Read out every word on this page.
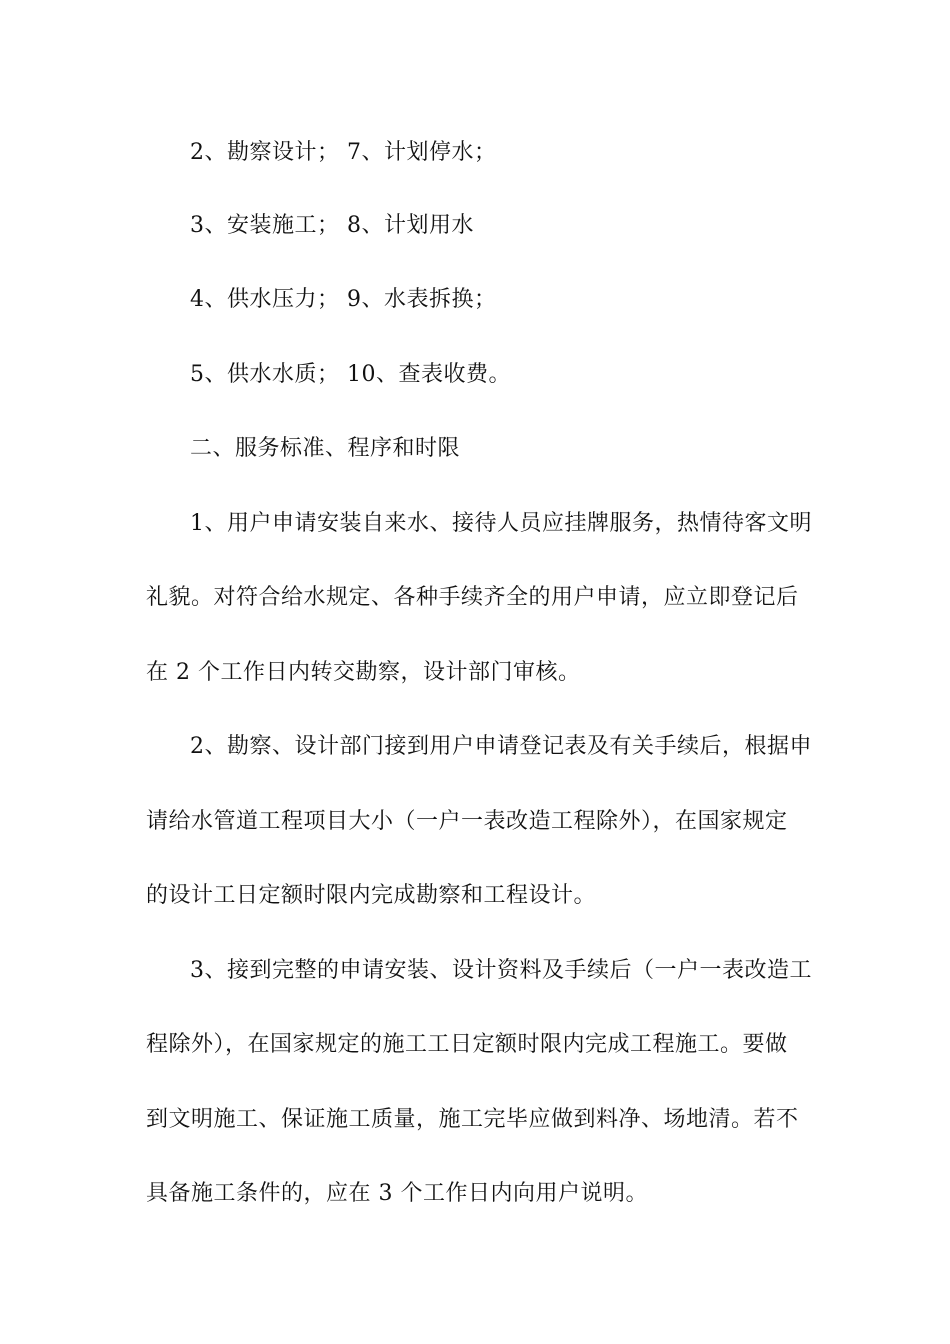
2、勘察设计； 7、计划停水；
3、安装施工； 8、计划用水
4、供水压力； 9、水表拆换；
5、供水水质； 10、查表收费。
二、服务标准、程序和时限
1、用户申请安装自来水、接待人员应挂牌服务，热情待客文明
礼貌。对符合给水规定、各种手续齐全的用户申请，应立即登记后
在 2 个工作日内转交勘察，设计部门审核。
2、勘察、设计部门接到用户申请登记表及有关手续后，根据申
请给水管道工程项目大小（一户一表改造工程除外），在国家规定
的设计工日定额时限内完成勘察和工程设计。
3、接到完整的申请安装、设计资料及手续后（一户一表改造工
程除外），在国家规定的施工工日定额时限内完成工程施工。要做
到文明施工、保证施工质量，施工完毕应做到料净、场地清。若不
具备施工条件的，应在 3 个工作日内向用户说明。
